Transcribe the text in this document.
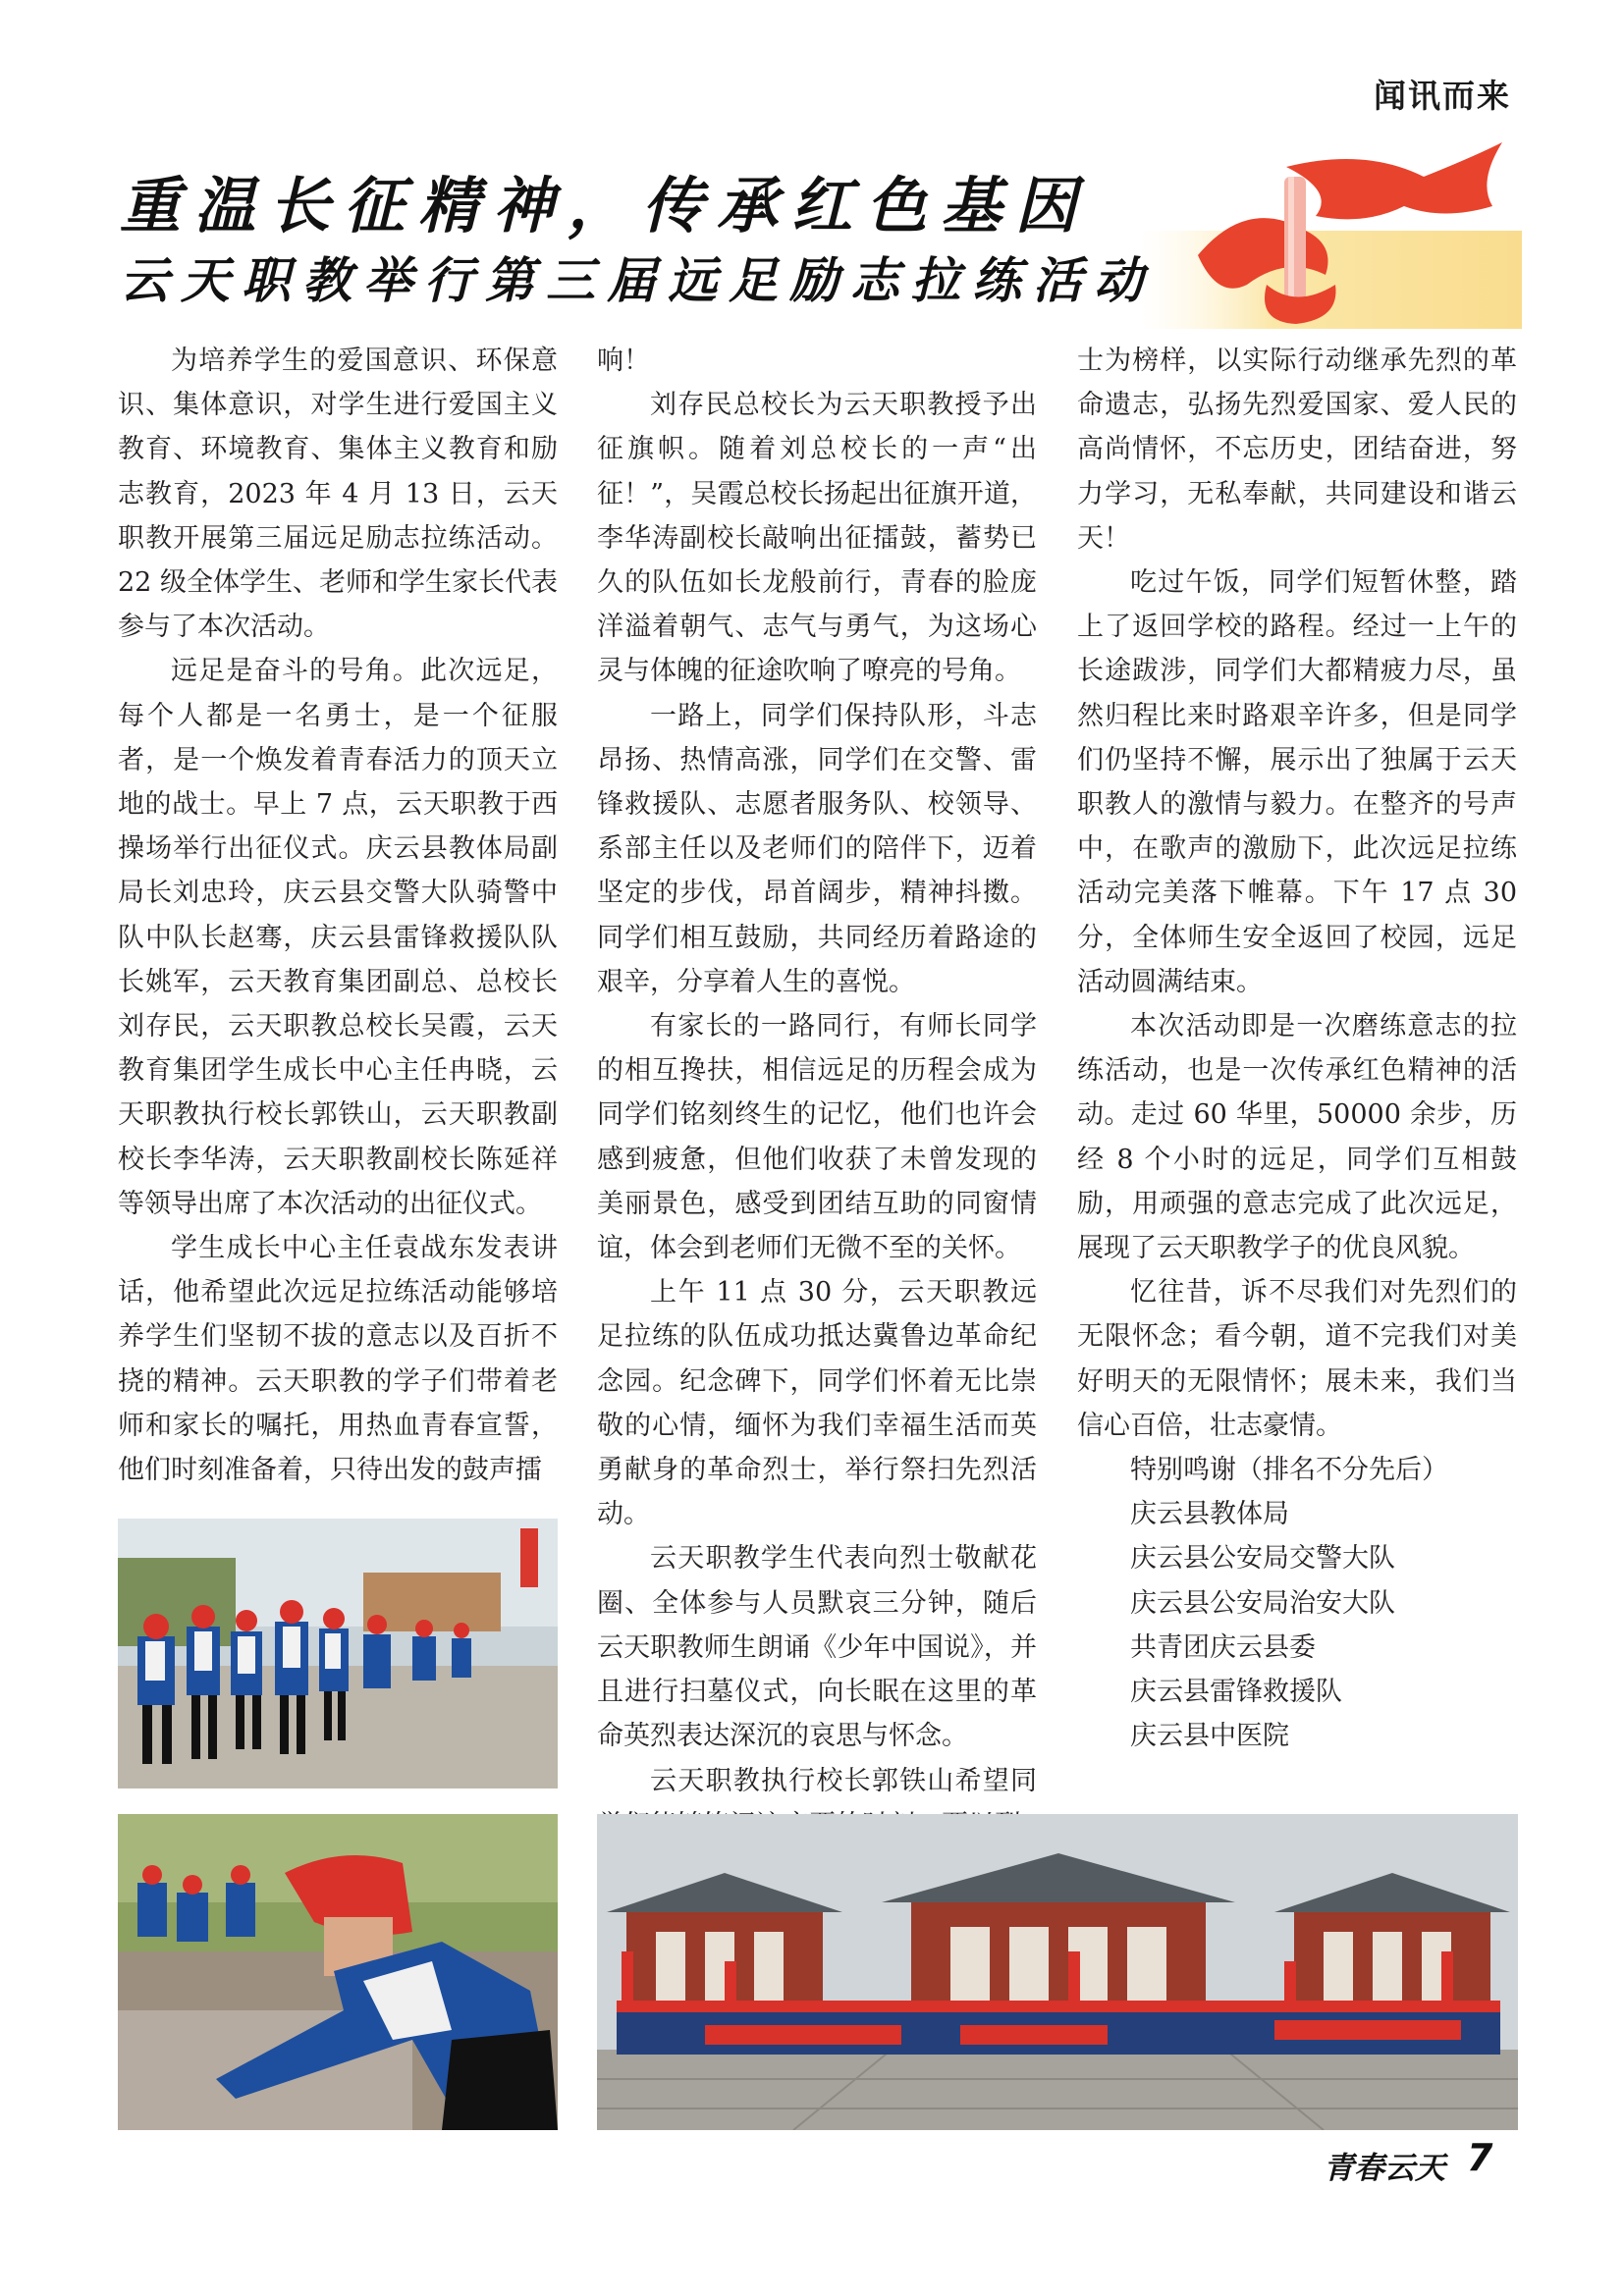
闻讯而来
重温长征精神，传承红色基因
云天职教举行第三届远足励志拉练活动

为培养学生的爱国意识、环保意识、集体意识，对学生进行爱国主义教育、环境教育、集体主义教育和励志教育，2023 年 4 月 13 日，云天职教开展第三届远足励志拉练活动。22 级全体学生、老师和学生家长代表参与了本次活动。

远足是奋斗的号角。此次远足，每个人都是一名勇士，是一个征服者，是一个焕发着青春活力的顶天立地的战士。早上 7 点，云天职教于西操场举行出征仪式。庆云县教体局副局长刘忠玲，庆云县交警大队骑警中队中队长赵骞，庆云县雷锋救援队队长姚军，云天教育集团副总、总校长刘存民，云天职教总校长吴霞，云天教育集团学生成长中心主任冉晓，云天职教执行校长郭铁山，云天职教副校长李华涛，云天职教副校长陈延祥等领导出席了本次活动的出征仪式。

学生成长中心主任袁战东发表讲话，他希望此次远足拉练活动能够培养学生们坚韧不拔的意志以及百折不挠的精神。云天职教的学子们带着老师和家长的嘱托，用热血青春宣誓，他们时刻准备着，只待出发的鼓声擂

响！

刘存民总校长为云天职教授予出征旗帜。随着刘总校长的一声“出征！”，吴霞总校长扬起出征旗开道，李华涛副校长敲响出征擂鼓，蓄势已久的队伍如长龙般前行，青春的脸庞洋溢着朝气、志气与勇气，为这场心灵与体魄的征途吹响了嘹亮的号角。

一路上，同学们保持队形，斗志昂扬、热情高涨，同学们在交警、雷锋救援队、志愿者服务队、校领导、系部主任以及老师们的陪伴下，迈着坚定的步伐，昂首阔步，精神抖擞。同学们相互鼓励，共同经历着路途的艰辛，分享着人生的喜悦。

有家长的一路同行，有师长同学的相互搀扶，相信远足的历程会成为同学们铭刻终生的记忆，他们也许会感到疲惫，但他们收获了未曾发现的美丽景色，感受到团结互助的同窗情谊，体会到老师们无微不至的关怀。

上午 11 点 30 分，云天职教远足拉练的队伍成功抵达冀鲁边革命纪念园。纪念碑下，同学们怀着无比崇敬的心情，缅怀为我们幸福生活而英勇献身的革命烈士，举行祭扫先烈活动。

云天职教学生代表向烈士敬献花圈、全体参与人员默哀三分钟，随后云天职教师生朗诵《少年中国说》，并且进行扫墓仪式，向长眠在这里的革命英烈表达深沉的哀思与怀念。

云天职教执行校长郭铁山希望同

士为榜样，以实际行动继承先烈的革命遗志，弘扬先烈爱国家、爱人民的高尚情怀，不忘历史，团结奋进，努力学习，无私奉献，共同建设和谐云天！

吃过午饭，同学们短暂休整，踏上了返回学校的路程。经过一上午的长途跋涉，同学们大都精疲力尽，虽然归程比来时路艰辛许多，但是同学们仍坚持不懈，展示出了独属于云天职教人的激情与毅力。在整齐的号声中，在歌声的激励下，此次远足拉练活动完美落下帷幕。下午 17 点 30 分，全体师生安全返回了校园，远足活动圆满结束。

本次活动即是一次磨练意志的拉练活动，也是一次传承红色精神的活动。走过 60 华里，50000 余步，历经 8 个小时的远足，同学们互相鼓励，用顽强的意志完成了此次远足，展现了云天职教学子的优良风貌。

忆往昔，诉不尽我们对先烈们的无限怀念；看今朝，道不完我们对美好明天的无限情怀；展未来，我们当信心百倍，壮志豪情。

特别鸣谢（排名不分先后）
庆云县教体局
庆云县公安局交警大队
庆云县公安局治安大队
共青团庆云县委
庆云县雷锋救援队
庆云县中医院
青春云天 7
